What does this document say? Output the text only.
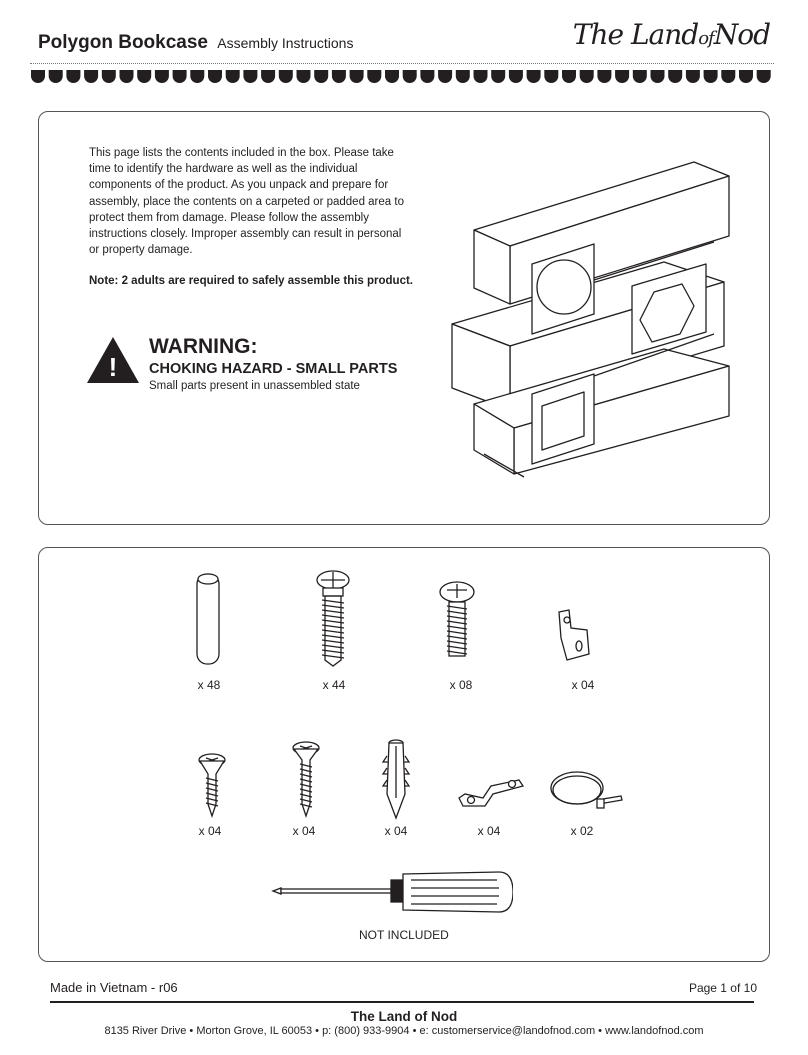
Polygon Bookcase Assembly Instructions	The LandofNod

This page lists the contents included in the box. Please take time to identify the hardware as well as the individual components of the product. As you unpack and prepare for assembly, place the contents on a carpeted or padded area to protect them from damage. Please follow the assembly instructions closely. Improper assembly can result in personal or property damage.

Note: 2 adults are required to safely assemble this product.

!
WARNING:
CHOKING HAZARD - SMALL PARTS
Small parts present in unassembled state
x 48	x 44	x 08	x 04
x 04	x 04	x 04	x 04	x 02
NOT INCLUDED
Made in Vietnam - r06	Page 1 of 10
The Land of Nod
8135 River Drive • Morton Grove, IL 60053 • p: (800) 933-9904 • e: customerservice@landofnod.com • www.landofnod.com
